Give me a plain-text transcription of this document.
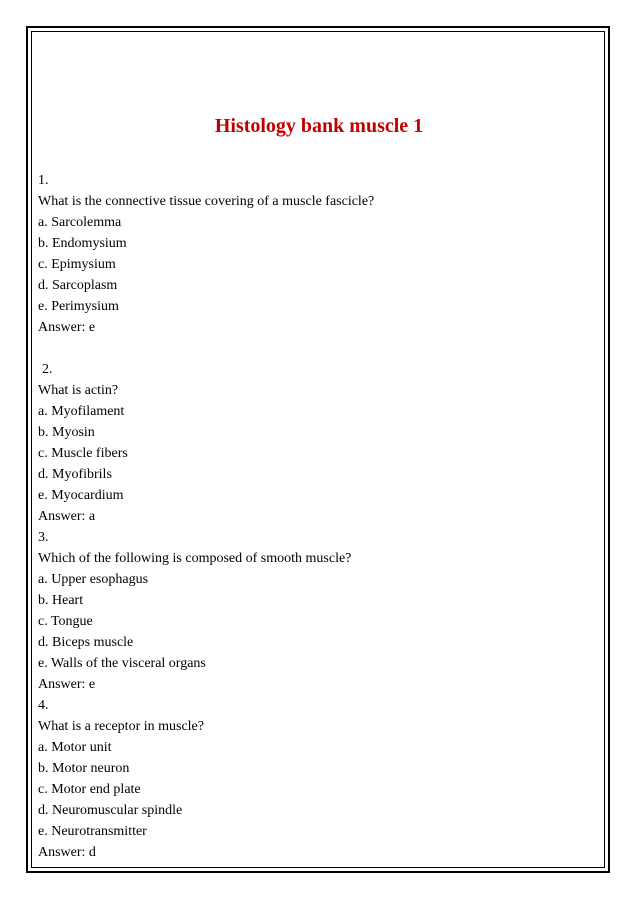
Histology bank muscle 1
1.
What is the connective tissue covering of a muscle fascicle?
a. Sarcolemma
b. Endomysium
c. Epimysium
d. Sarcoplasm
e. Perimysium
Answer: e
2.
What is actin?
a. Myofilament
b. Myosin
c. Muscle fibers
d. Myofibrils
e. Myocardium
Answer: a
3.
Which of the following is composed of smooth muscle?
a. Upper esophagus
b. Heart
c. Tongue
d. Biceps muscle
e. Walls of the visceral organs
Answer: e
4.
What is a receptor in muscle?
a. Motor unit
b. Motor neuron
c. Motor end plate
d. Neuromuscular spindle
e. Neurotransmitter
Answer: d
